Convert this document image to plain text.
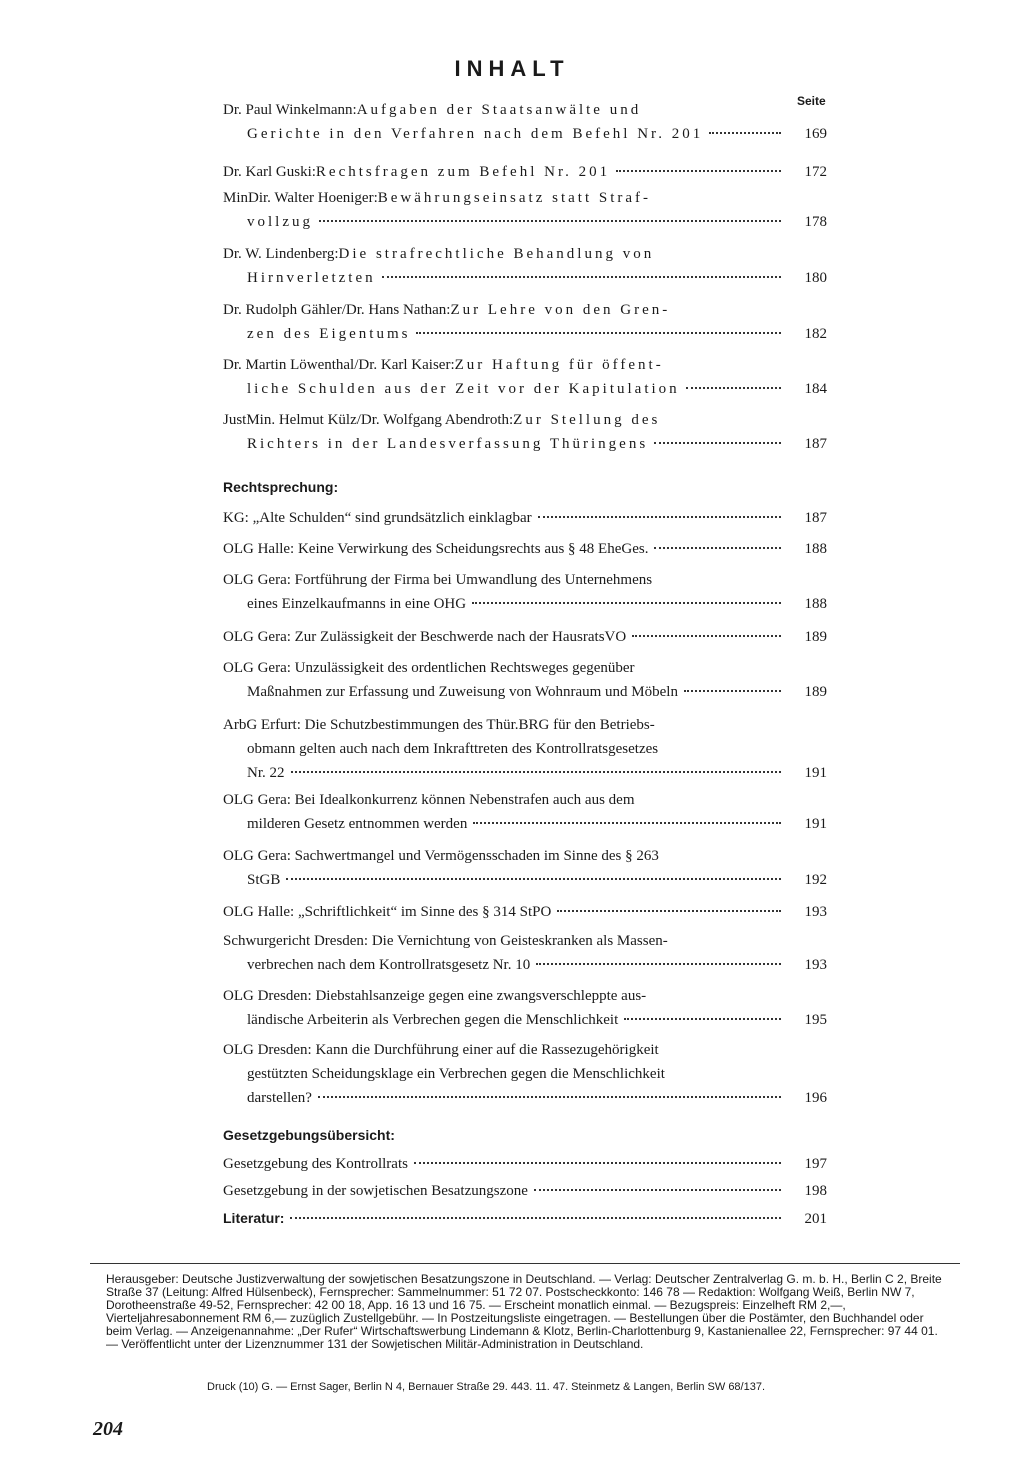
INHALT
Seite
Dr. Paul Winkelmann: Aufgaben der Staatsanwälte und
Gerichte in den Verfahren nach dem Befehl Nr. 201	169
Dr. Karl Guski: Rechtsfragen zum Befehl Nr. 201	172
MinDir. Walter Hoeniger: Bewährungseinsatz statt Straf-
vollzug	178
Dr. W. Lindenberg: Die strafrechtliche Behandlung von
Hirnverletzten	180
Dr. Rudolph Gähler/Dr. Hans Nathan: Zur Lehre von den Gren-
zen des Eigentums	182
Dr. Martin Löwenthal/Dr. Karl Kaiser: Zur Haftung für öffent-
liche Schulden aus der Zeit vor der Kapitulation	184
JustMin. Helmut Külz/Dr. Wolfgang Abendroth: Zur Stellung des
Richters in der Landesverfassung Thüringens	187
Rechtsprechung:
KG: „Alte Schulden“ sind grundsätzlich einklagbar	187
OLG Halle: Keine Verwirkung des Scheidungsrechts aus § 48 EheGes.	188
OLG Gera: Fortführung der Firma bei Umwandlung des Unternehmens
eines Einzelkaufmanns in eine OHG	188
OLG Gera: Zur Zulässigkeit der Beschwerde nach der HausratsVO	189
OLG Gera: Unzulässigkeit des ordentlichen Rechtsweges gegenüber
Maßnahmen zur Erfassung und Zuweisung von Wohnraum und Möbeln	189
ArbG Erfurt: Die Schutzbestimmungen des Thür.BRG für den Betriebs-
obmann gelten auch nach dem Inkrafttreten des Kontrollratsgesetzes
Nr. 22	191
OLG Gera: Bei Idealkonkurrenz können Nebenstrafen auch aus dem
milderen Gesetz entnommen werden	191
OLG Gera: Sachwertmangel und Vermögensschaden im Sinne des § 263
StGB	192
OLG Halle: „Schriftlichkeit“ im Sinne des § 314 StPO	193
Schwurgericht Dresden: Die Vernichtung von Geisteskranken als Massen-
verbrechen nach dem Kontrollratsgesetz Nr. 10	193
OLG Dresden: Diebstahlsanzeige gegen eine zwangsverschleppte aus-
ländische Arbeiterin als Verbrechen gegen die Menschlichkeit	195
OLG Dresden: Kann die Durchführung einer auf die Rassezugehörigkeit
gestützten Scheidungsklage ein Verbrechen gegen die Menschlichkeit
darstellen?	196
Gesetzgebungsübersicht:
Gesetzgebung des Kontrollrats	197
Gesetzgebung in der sowjetischen Besatzungszone	198
Literatur:	201
Herausgeber: Deutsche Justizverwaltung der sowjetischen Besatzungszone in Deutschland. — Verlag: Deutscher Zentralverlag G. m. b. H., Berlin C 2, Breite Straße 37 (Leitung: Alfred Hülsenbeck), Fernsprecher: Sammelnummer: 51 72 07. Postscheckkonto: 146 78 — Redaktion: Wolfgang Weiß, Berlin NW 7, Dorotheenstraße 49-52, Fernsprecher: 42 00 18, App. 16 13 und 16 75. — Erscheint monatlich einmal. — Bezugspreis: Einzelheft RM 2,—, Vierteljahresabonnement RM 6,— zuzüglich Zustellgebühr. — In Postzeitungsliste eingetragen. — Bestellungen über die Postämter, den Buchhandel oder beim Verlag. — Anzeigenannahme: „Der Rufer“ Wirtschaftswerbung Lindemann & Klotz, Berlin-Charlottenburg 9, Kastanienallee 22, Fernsprecher: 97 44 01. — Veröffentlicht unter der Lizenznummer 131 der Sowjetischen Militär-Administration in Deutschland.
Druck (10) G. — Ernst Sager, Berlin N 4, Bernauer Straße 29. 443. 11. 47. Steinmetz & Langen, Berlin SW 68/137.
204
